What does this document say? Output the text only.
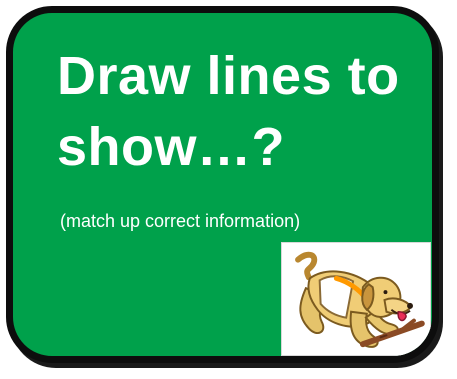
Draw lines to
show…?

(match up correct information)
